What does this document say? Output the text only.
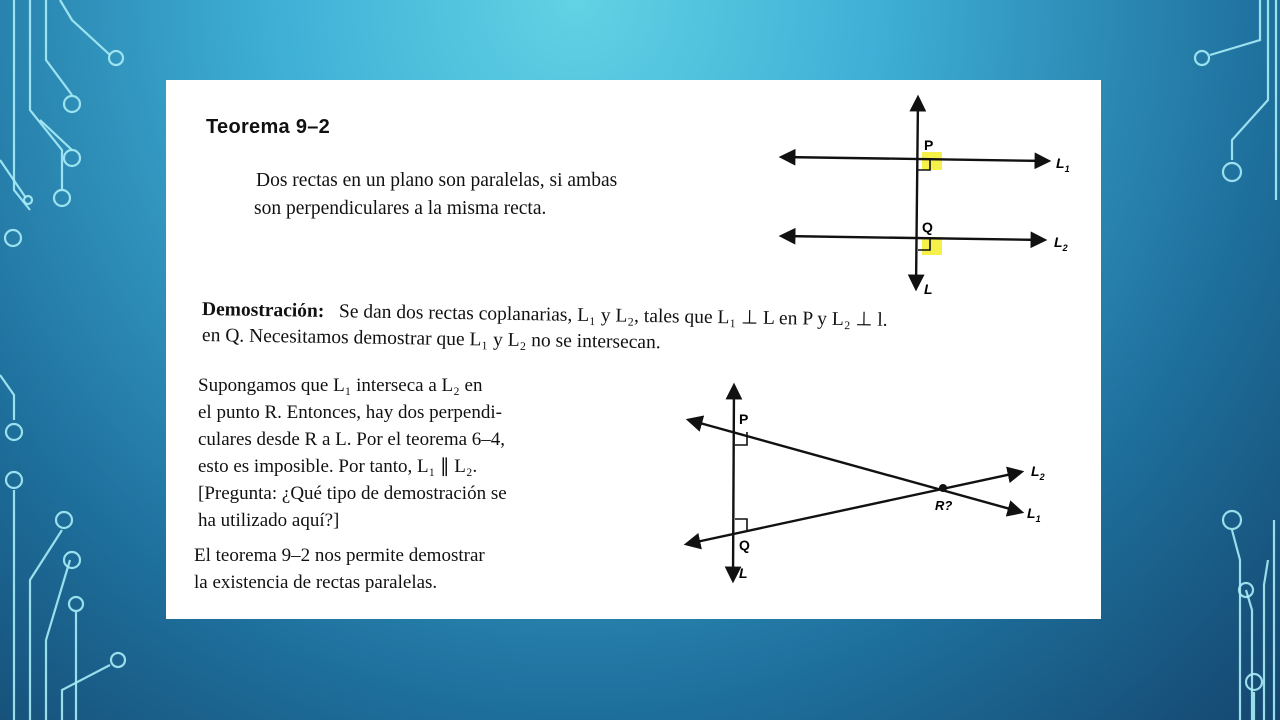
Teorema 9–2
Dos rectas en un plano son paralelas, si ambas
son perpendiculares a la misma recta.
P
Q
$L_1$
$L_2$
L
Demostración: Se dan dos rectas coplanarias, L₁ y L₂, tales que L₁ ⊥ L en P y L₂ ⊥ l.
en Q. Necesitamos demostrar que L₁ y L₂ no se intersecan.
Supongamos que L₁ interseca a L₂ en
el punto R. Entonces, hay dos perpendi-
culares desde R a L. Por el teorema 6–4,
esto es imposible. Por tanto, L₁ ∥ L₂.
[Pregunta: ¿Qué tipo de demostración se
ha utilizado aquí?]
El teorema 9–2 nos permite demostrar
la existencia de rectas paralelas.
P
Q
R?
$L_2$
$L_1$
L
